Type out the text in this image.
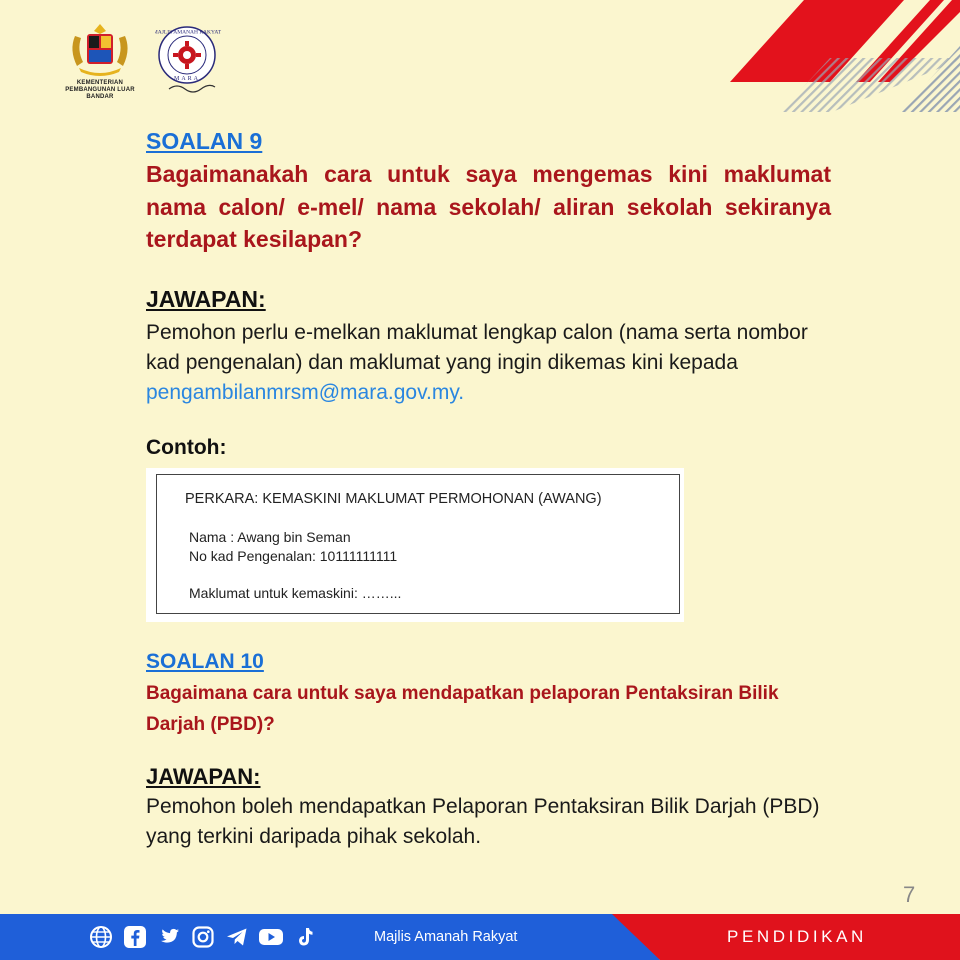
KEMENTERIAN
PEMBANGUNAN LUAR BANDAR
MAJLIS AMANAH RAKYAT
MARA
SOALAN 9
Bagaimanakah cara untuk saya mengemas kini maklumat nama calon/ e-mel/ nama sekolah/ aliran sekolah sekiranya terdapat kesilapan?
JAWAPAN:
Pemohon perlu e-melkan maklumat lengkap calon (nama serta nombor kad pengenalan) dan maklumat yang ingin dikemas kini kepada pengambilanmrsm@mara.gov.my.
Contoh:
PERKARA: KEMASKINI MAKLUMAT PERMOHONAN (AWANG)
Nama : Awang bin Seman
No kad Pengenalan: 10111111111
Maklumat untuk kemaskini: ……...
SOALAN 10
Bagaimana cara untuk saya mendapatkan pelaporan Pentaksiran Bilik Darjah (PBD)?
JAWAPAN:
Pemohon boleh mendapatkan Pelaporan Pentaksiran Bilik Darjah (PBD) yang terkini daripada pihak sekolah.
7
Majlis Amanah Rakyat	PENDIDIKAN
